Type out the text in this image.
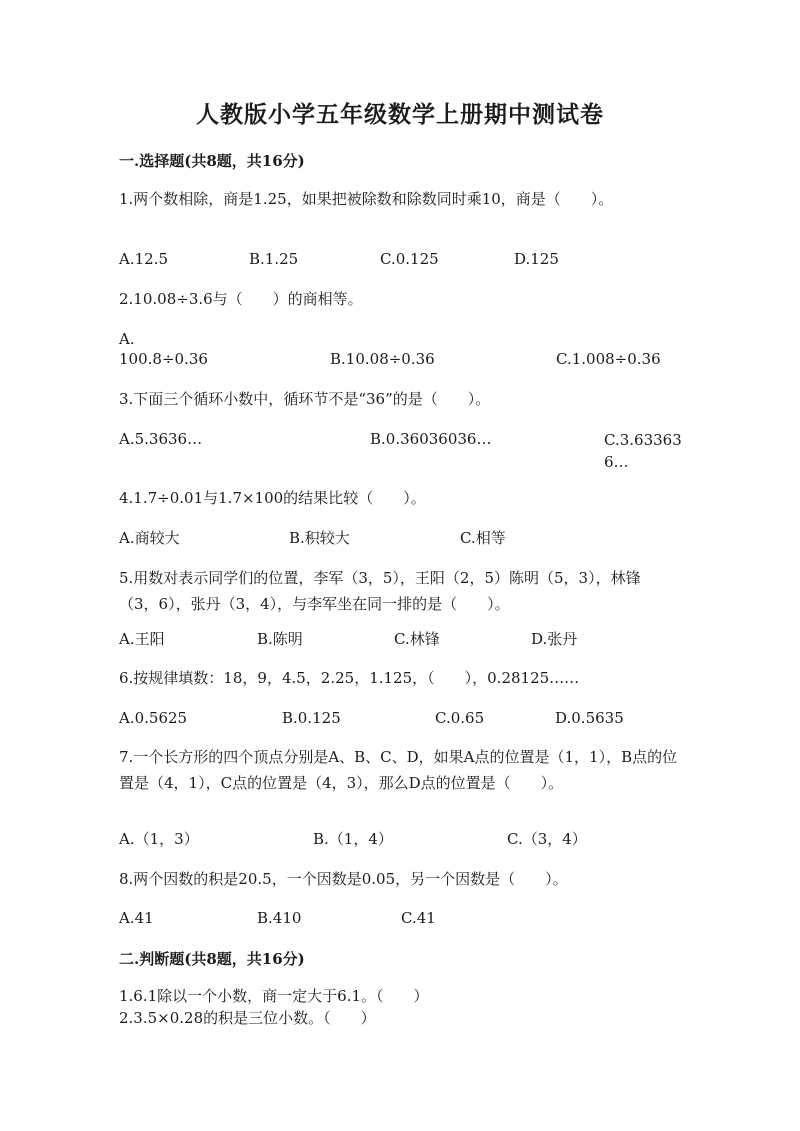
人教版小学五年级数学上册期中测试卷
一.选择题(共8题，共16分)
1.两个数相除，商是1.25，如果把被除数和除数同时乘10，商是（　　）。
A.12.5	B.1.25	C.0.125	D.125
2.10.08÷3.6与（　　）的商相等。
A. 100.8÷0.36	B.10.08÷0.36	C.1.008÷0.36
3.下面三个循环小数中，循环节不是“36”的是（　　）。
A.5.3636…	B.0.36036036…	C.3.63363 6…
4.1.7÷0.01与1.7×100的结果比较（　　）。
A.商较大	B.积较大	C.相等
5.用数对表示同学们的位置，李军（3，5），王阳（2，5）陈明（5，3），林锋（3，6），张丹（3，4），与李军坐在同一排的是（　　）。
A.王阳	B.陈明	C.林锋	D.张丹
6.按规律填数：18，9，4.5，2.25，1.125，（　　），0.28125……
A.0.5625	B.0.125	C.0.65	D.0.5635
7.一个长方形的四个顶点分别是A、B、C、D，如果A点的位置是（1，1），B点的位置是（4，1），C点的位置是（4，3），那么D点的位置是（　　）。
A.（1，3）	B.（1，4）	C.（3，4）
8.两个因数的积是20.5，一个因数是0.05，另一个因数是（　　）。
A.41	B.410	C.41
二.判断题(共8题，共16分)
1.6.1除以一个小数，商一定大于6.1。（　　）
2.3.5×0.28的积是三位小数。（　　）
